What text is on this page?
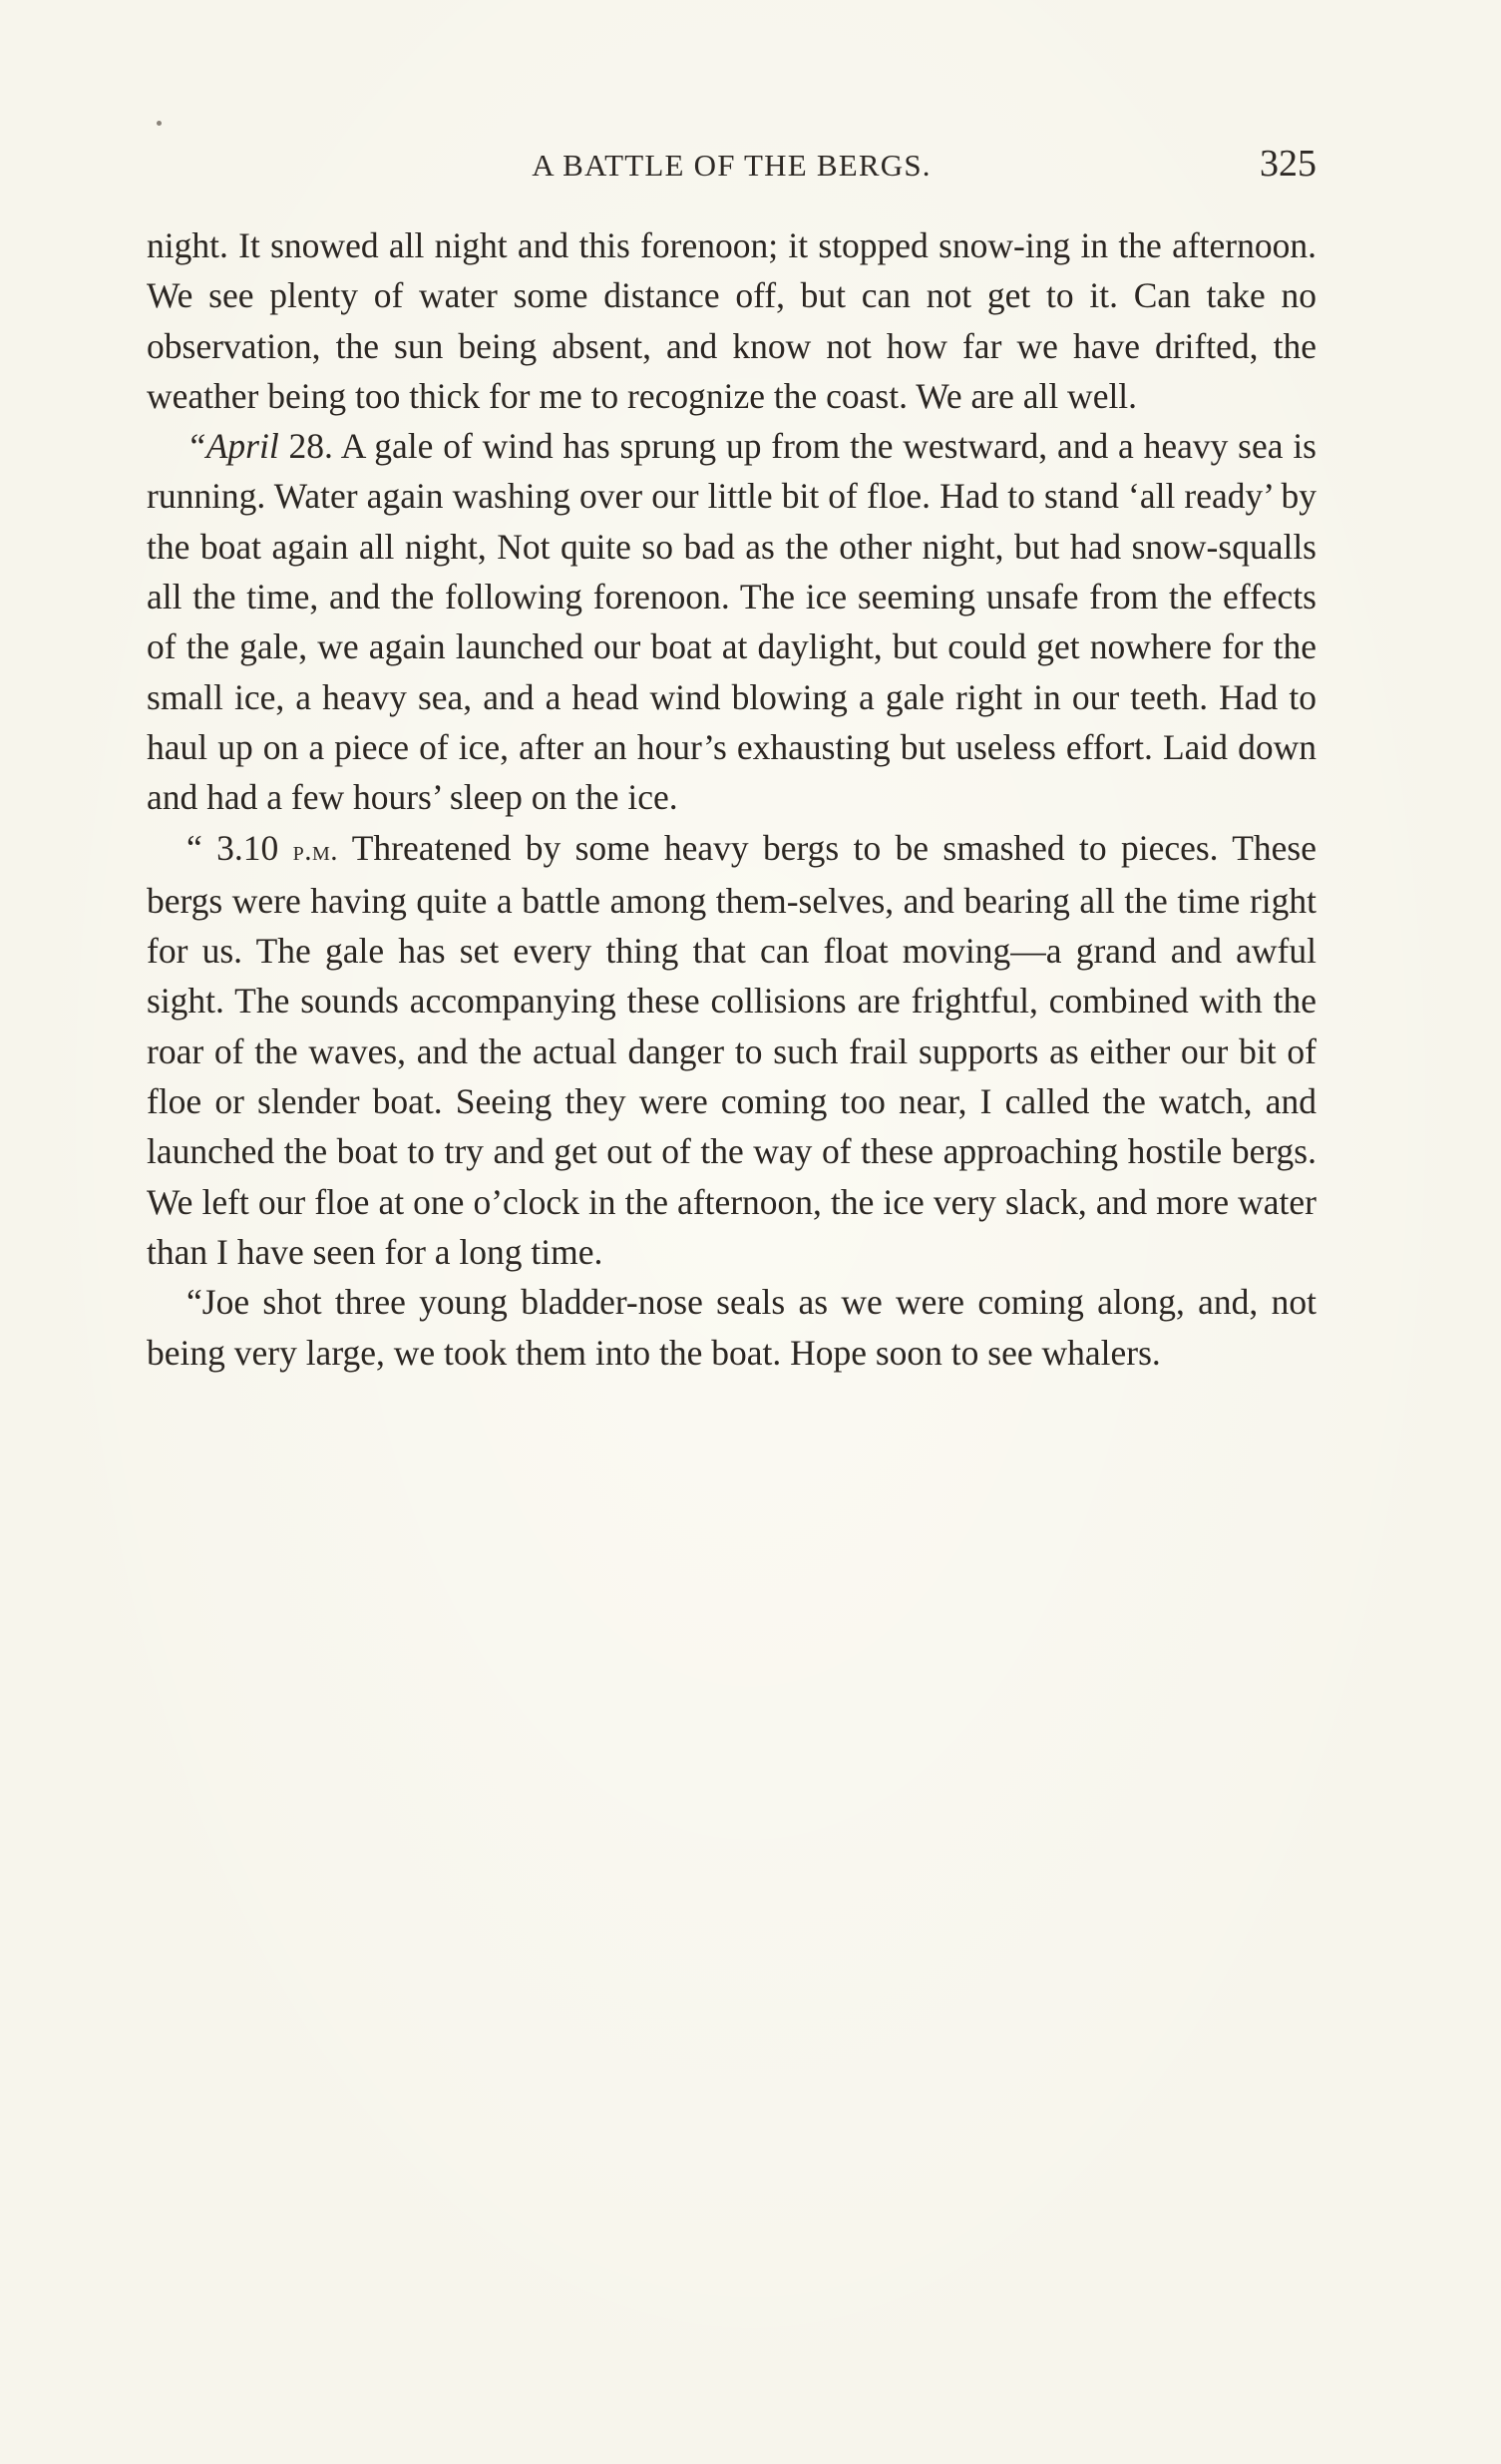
A BATTLE OF THE BERGS.	325

night. It snowed all night and this forenoon; it stopped snow-ing in the afternoon. We see plenty of water some distance off, but can not get to it. Can take no observation, the sun being absent, and know not how far we have drifted, the weather being too thick for me to recognize the coast. We are all well.

“April 28. A gale of wind has sprung up from the westward, and a heavy sea is running. Water again washing over our little bit of floe. Had to stand ‘all ready’ by the boat again all night, Not quite so bad as the other night, but had snow-squalls all the time, and the following forenoon. The ice seeming unsafe from the effects of the gale, we again launched our boat at daylight, but could get nowhere for the small ice, a heavy sea, and a head wind blowing a gale right in our teeth. Had to haul up on a piece of ice, after an hour’s exhausting but useless effort. Laid down and had a few hours’ sleep on the ice.

“ 3.10 p.m. Threatened by some heavy bergs to be smashed to pieces. These bergs were having quite a battle among them-selves, and bearing all the time right for us. The gale has set every thing that can float moving—a grand and awful sight. The sounds accompanying these collisions are frightful, combined with the roar of the waves, and the actual danger to such frail supports as either our bit of floe or slender boat. Seeing they were coming too near, I called the watch, and launched the boat to try and get out of the way of these approaching hostile bergs. We left our floe at one o’clock in the afternoon, the ice very slack, and more water than I have seen for a long time.

“Joe shot three young bladder-nose seals as we were coming along, and, not being very large, we took them into the boat. Hope soon to see whalers.
